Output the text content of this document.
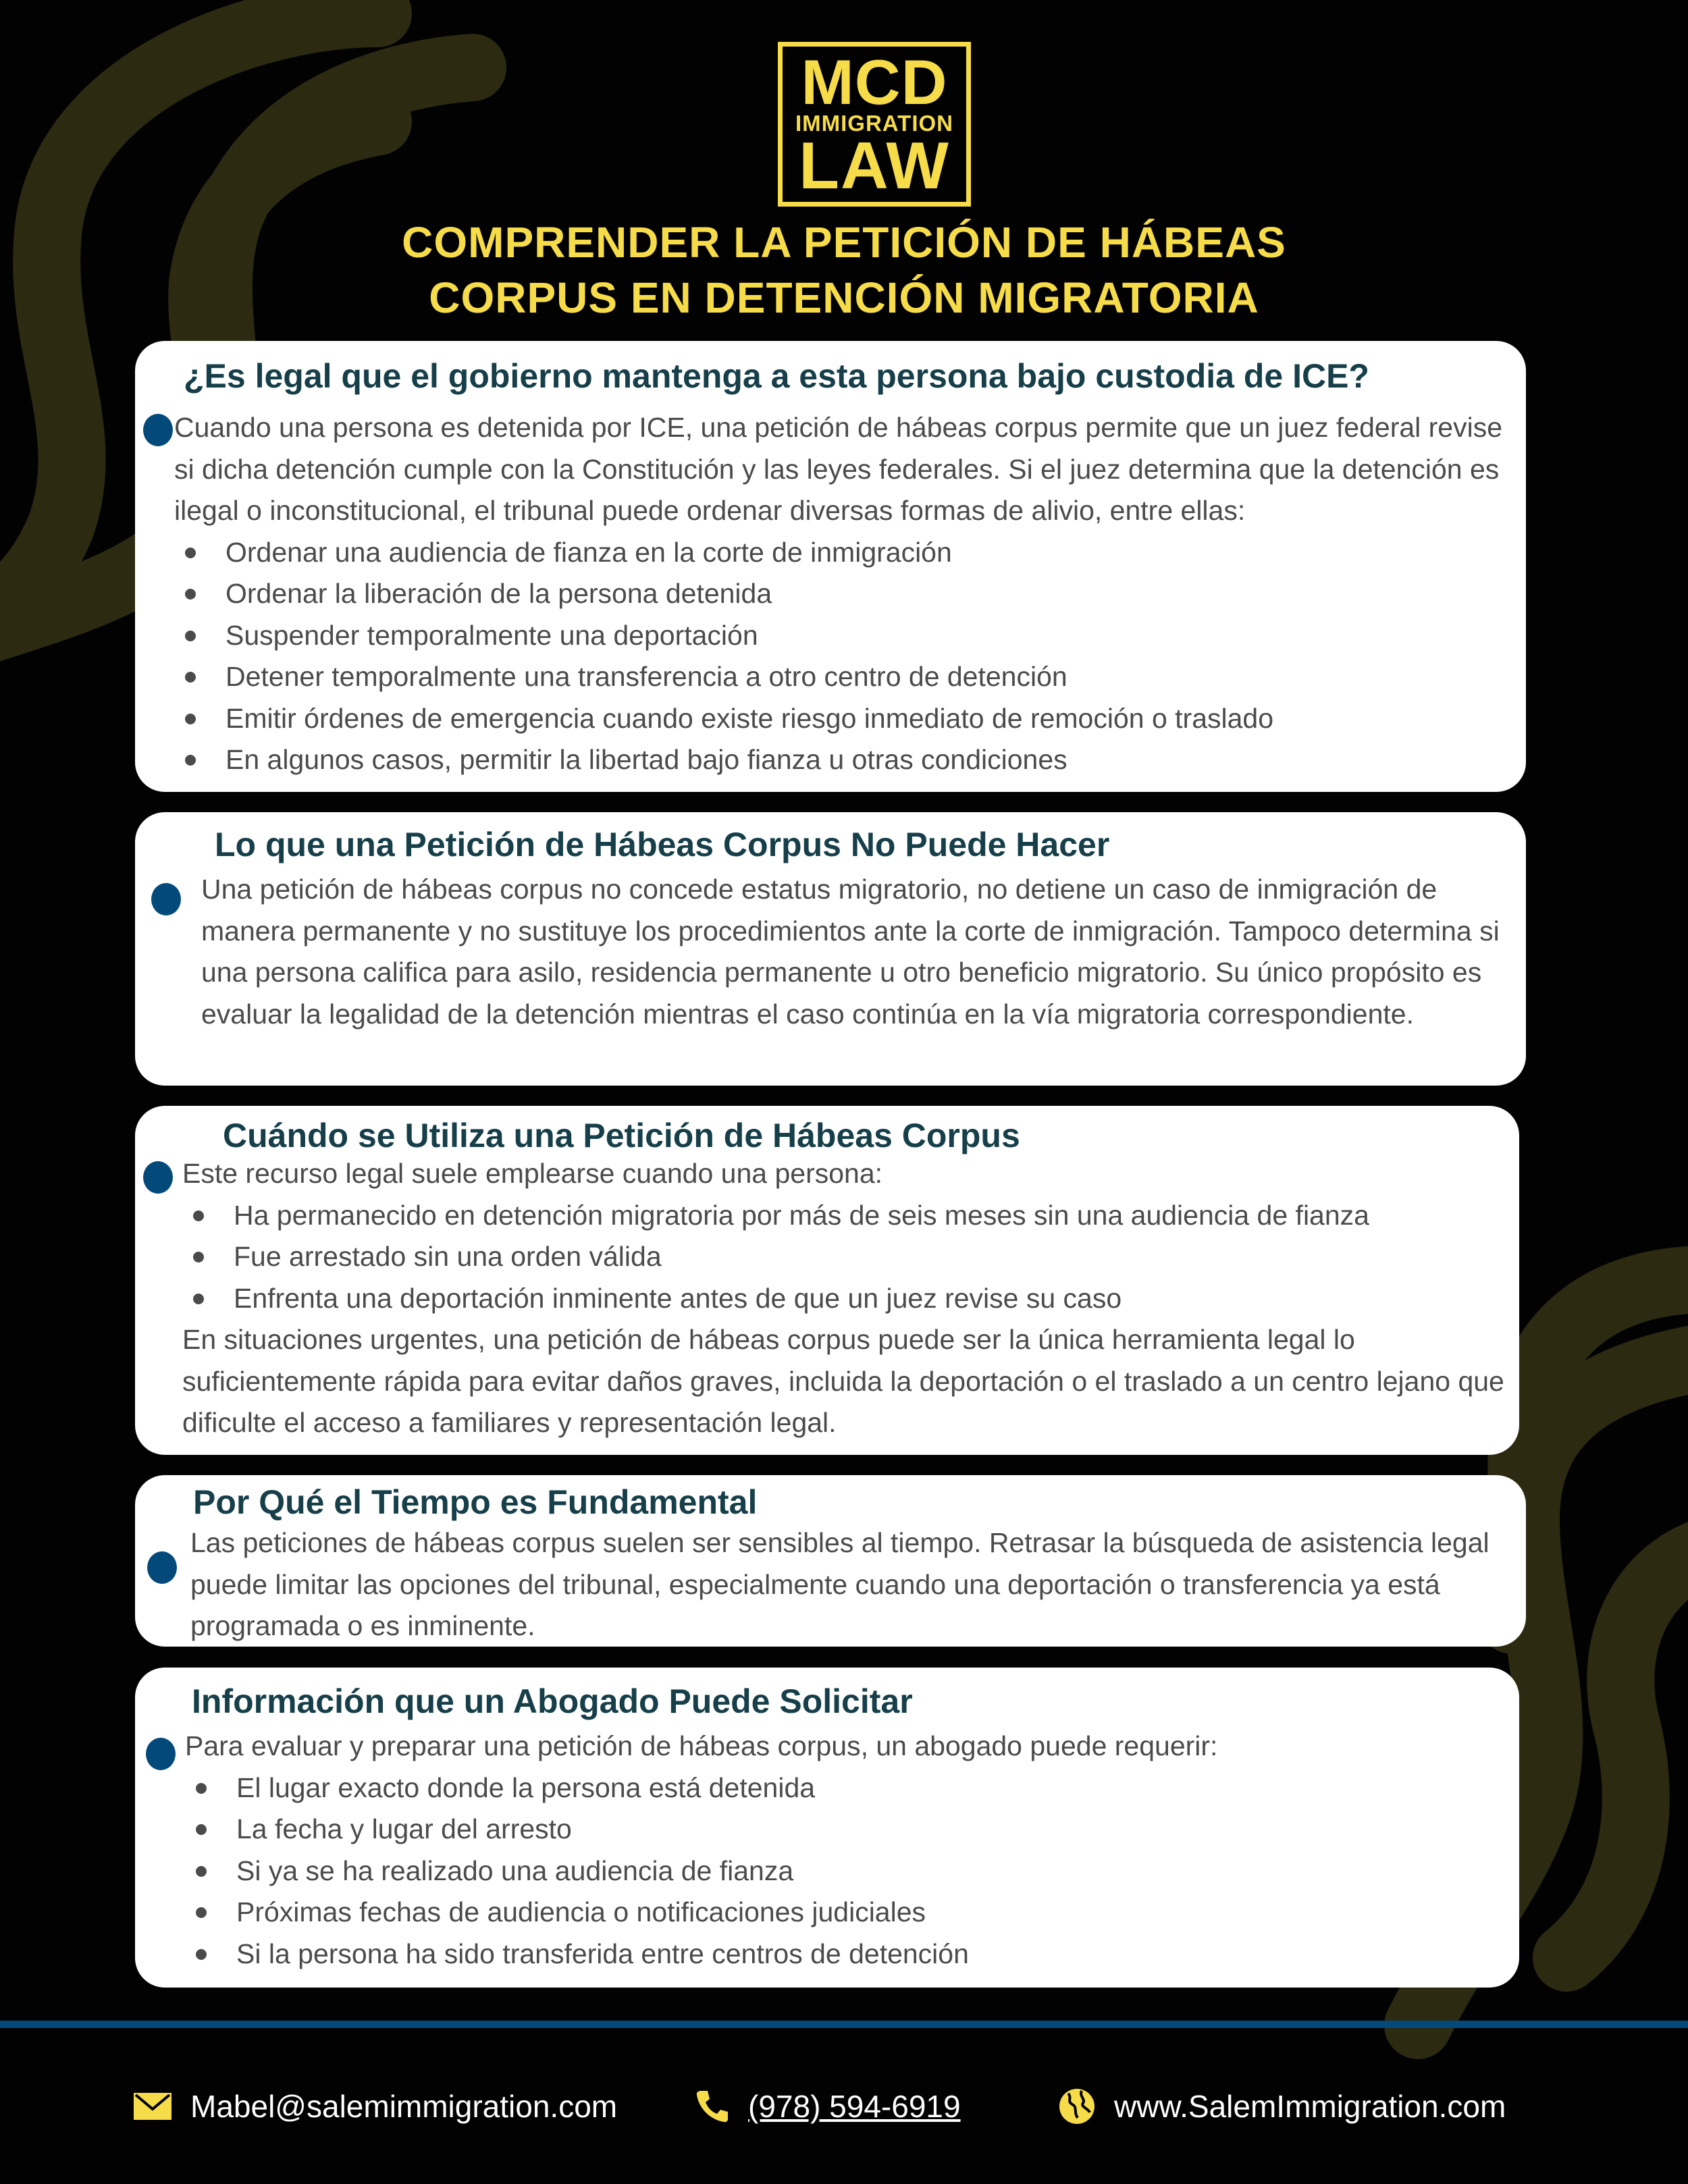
MCD
IMMIGRATION
LAW
COMPRENDER LA PETICIÓN DE HÁBEAS
CORPUS EN DETENCIÓN MIGRATORIA
¿Es legal que el gobierno mantenga a esta persona bajo custodia de ICE?

Cuando una persona es detenida por ICE, una petición de hábeas corpus permite que un juez federal revise si dicha detención cumple con la Constitución y las leyes federales. Si el juez determina que la detención es ilegal o inconstitucional, el tribunal puede ordenar diversas formas de alivio, entre ellas:

Ordenar una audiencia de fianza en la corte de inmigración
Ordenar la liberación de la persona detenida
Suspender temporalmente una deportación
Detener temporalmente una transferencia a otro centro de detención
Emitir órdenes de emergencia cuando existe riesgo inmediato de remoción o traslado
En algunos casos, permitir la libertad bajo fianza u otras condiciones
Lo que una Petición de Hábeas Corpus No Puede Hacer

Una petición de hábeas corpus no concede estatus migratorio, no detiene un caso de inmigración de manera permanente y no sustituye los procedimientos ante la corte de inmigración. Tampoco determina si una persona califica para asilo, residencia permanente u otro beneficio migratorio. Su único propósito es evaluar la legalidad de la detención mientras el caso continúa en la vía migratoria correspondiente.

Cuándo se Utiliza una Petición de Hábeas Corpus

Este recurso legal suele emplearse cuando una persona:

Ha permanecido en detención migratoria por más de seis meses sin una audiencia de fianza
Fue arrestado sin una orden válida
Enfrenta una deportación inminente antes de que un juez revise su caso

En situaciones urgentes, una petición de hábeas corpus puede ser la única herramienta legal lo suficientemente rápida para evitar daños graves, incluida la deportación o el traslado a un centro lejano que dificulte el acceso a familiares y representación legal.

Por Qué el Tiempo es Fundamental

Las peticiones de hábeas corpus suelen ser sensibles al tiempo. Retrasar la búsqueda de asistencia legal puede limitar las opciones del tribunal, especialmente cuando una deportación o transferencia ya está programada o es inminente.

Información que un Abogado Puede Solicitar

Para evaluar y preparar una petición de hábeas corpus, un abogado puede requerir:

El lugar exacto donde la persona está detenida
La fecha y lugar del arresto
Si ya se ha realizado una audiencia de fianza
Próximas fechas de audiencia o notificaciones judiciales
Si la persona ha sido transferida entre centros de detención
Mabel@salemimmigration.com	(978) 594-6919	www.SalemImmigration.com
